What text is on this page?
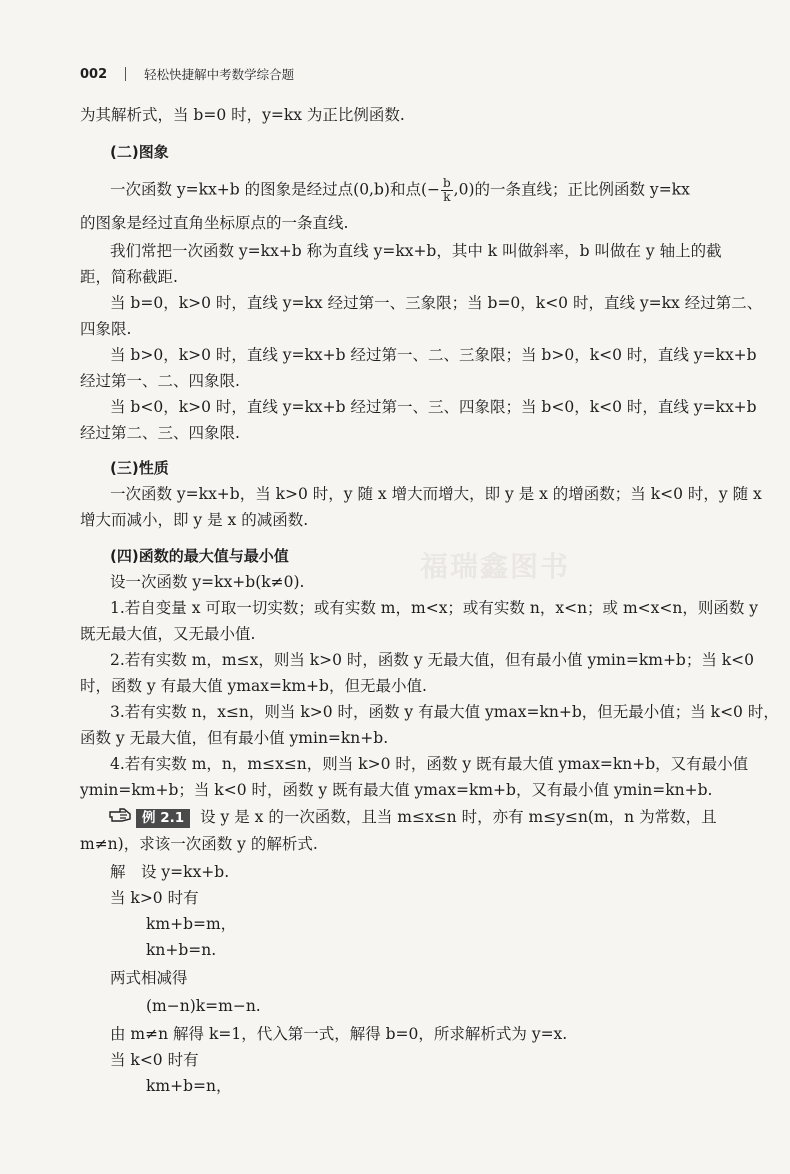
002	轻松快捷解中考数学综合题
福瑞鑫图书
为其解析式，当 b=0 时，y=kx 为正比例函数.
(二)图象
一次函数 y=kx+b 的图象是经过点(0,b)和点(− $\frac{b}{k} ,0$)的一条直线；正比例函数 y=kx
的图象是经过直角坐标原点的一条直线.
我们常把一次函数 y=kx+b 称为直线 y=kx+b，其中 k 叫做斜率，b 叫做在 y 轴上的截
距，简称截距.
当 b=0，k>0 时，直线 y=kx 经过第一、三象限；当 b=0，k<0 时，直线 y=kx 经过第二、
四象限.
当 b>0，k>0 时，直线 y=kx+b 经过第一、二、三象限；当 b>0，k<0 时，直线 y=kx+b
经过第一、二、四象限.
当 b<0，k>0 时，直线 y=kx+b 经过第一、三、四象限；当 b<0，k<0 时，直线 y=kx+b
经过第二、三、四象限.
(三)性质
一次函数 y=kx+b，当 k>0 时，y 随 x 增大而增大，即 y 是 x 的增函数；当 k<0 时，y 随 x
增大而减小，即 y 是 x 的减函数.
(四)函数的最大值与最小值
设一次函数 y=kx+b(k≠0).
1.若自变量 x 可取一切实数；或有实数 m，m<x；或有实数 n，x<n；或 m<x<n，则函数 y
既无最大值，又无最小值.
2.若有实数 m，m≤x，则当 k>0 时，函数 y 无最大值，但有最小值 ymin=km+b；当 k<0
时，函数 y 有最大值 ymax=km+b，但无最小值.
3.若有实数 n，x≤n，则当 k>0 时，函数 y 有最大值 ymax=kn+b，但无最小值；当 k<0 时，
函数 y 无最大值，但有最小值 ymin=kn+b.
4.若有实数 m，n，m≤x≤n，则当 k>0 时，函数 y 既有最大值 ymax=kn+b，又有最小值
ymin=km+b；当 k<0 时，函数 y 既有最大值 ymax=km+b，又有最小值 ymin=kn+b.
例 2.1 设 y 是 x 的一次函数，且当 m≤x≤n 时，亦有 m≤y≤n(m，n 为常数，且
m≠n)，求该一次函数 y 的解析式.
解　设 y=kx+b.
当 k>0 时有
km+b=m，
kn+b=n.
两式相减得
(m−n)k=m−n.
由 m≠n 解得 k=1，代入第一式，解得 b=0，所求解析式为 y=x.
当 k<0 时有
km+b=n，
